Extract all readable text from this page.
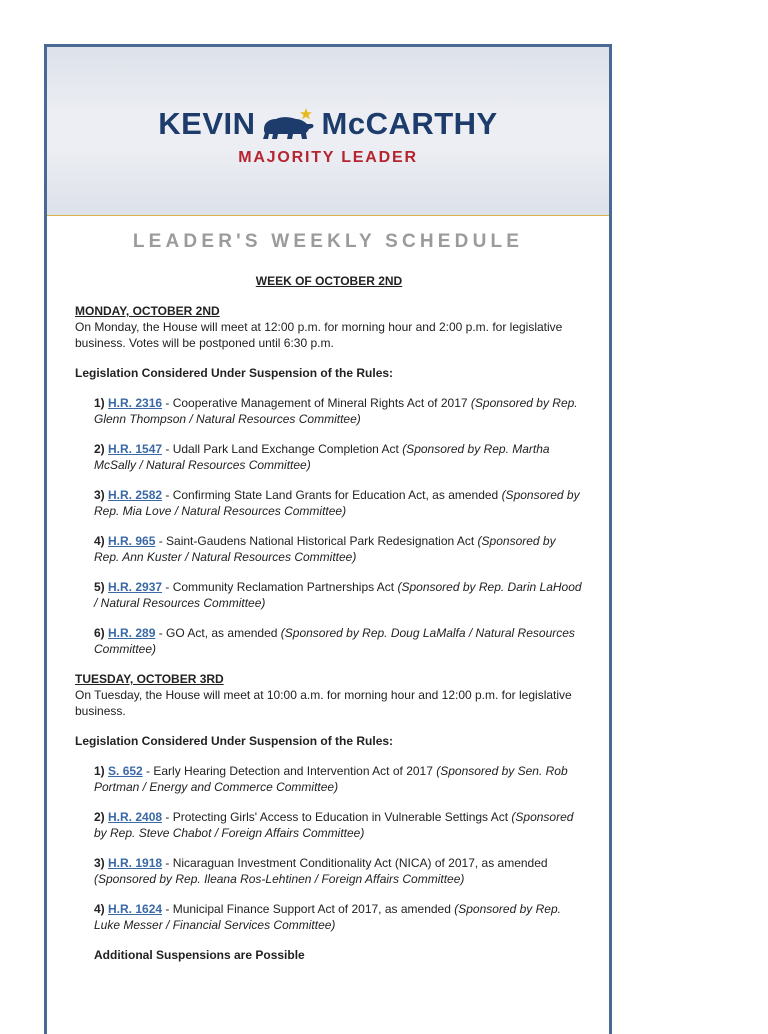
KEVIN McCARTHY
MAJORITY LEADER
LEADER'S WEEKLY SCHEDULE
WEEK OF OCTOBER 2ND
MONDAY, OCTOBER 2ND

On Monday, the House will meet at 12:00 p.m. for morning hour and 2:00 p.m. for legislative business. Votes will be postponed until 6:30 p.m.

Legislation Considered Under Suspension of the Rules:
1) H.R. 2316 - Cooperative Management of Mineral Rights Act of 2017 (Sponsored by Rep. Glenn Thompson / Natural Resources Committee)
2) H.R. 1547 - Udall Park Land Exchange Completion Act (Sponsored by Rep. Martha McSally / Natural Resources Committee)
3) H.R. 2582 - Confirming State Land Grants for Education Act, as amended (Sponsored by Rep. Mia Love / Natural Resources Committee)
4) H.R. 965 - Saint-Gaudens National Historical Park Redesignation Act (Sponsored by Rep. Ann Kuster / Natural Resources Committee)
5) H.R. 2937 - Community Reclamation Partnerships Act (Sponsored by Rep. Darin LaHood / Natural Resources Committee)
6) H.R. 289 - GO Act, as amended (Sponsored by Rep. Doug LaMalfa / Natural Resources Committee)
TUESDAY, OCTOBER 3RD

On Tuesday, the House will meet at 10:00 a.m. for morning hour and 12:00 p.m. for legislative business.

Legislation Considered Under Suspension of the Rules:
1) S. 652 - Early Hearing Detection and Intervention Act of 2017 (Sponsored by Sen. Rob Portman / Energy and Commerce Committee)
2) H.R. 2408 - Protecting Girls' Access to Education in Vulnerable Settings Act (Sponsored by Rep. Steve Chabot / Foreign Affairs Committee)
3) H.R. 1918 - Nicaraguan Investment Conditionality Act (NICA) of 2017, as amended (Sponsored by Rep. Ileana Ros-Lehtinen / Foreign Affairs Committee)
4) H.R. 1624 - Municipal Finance Support Act of 2017, as amended (Sponsored by Rep. Luke Messer / Financial Services Committee)
Additional Suspensions are Possible
